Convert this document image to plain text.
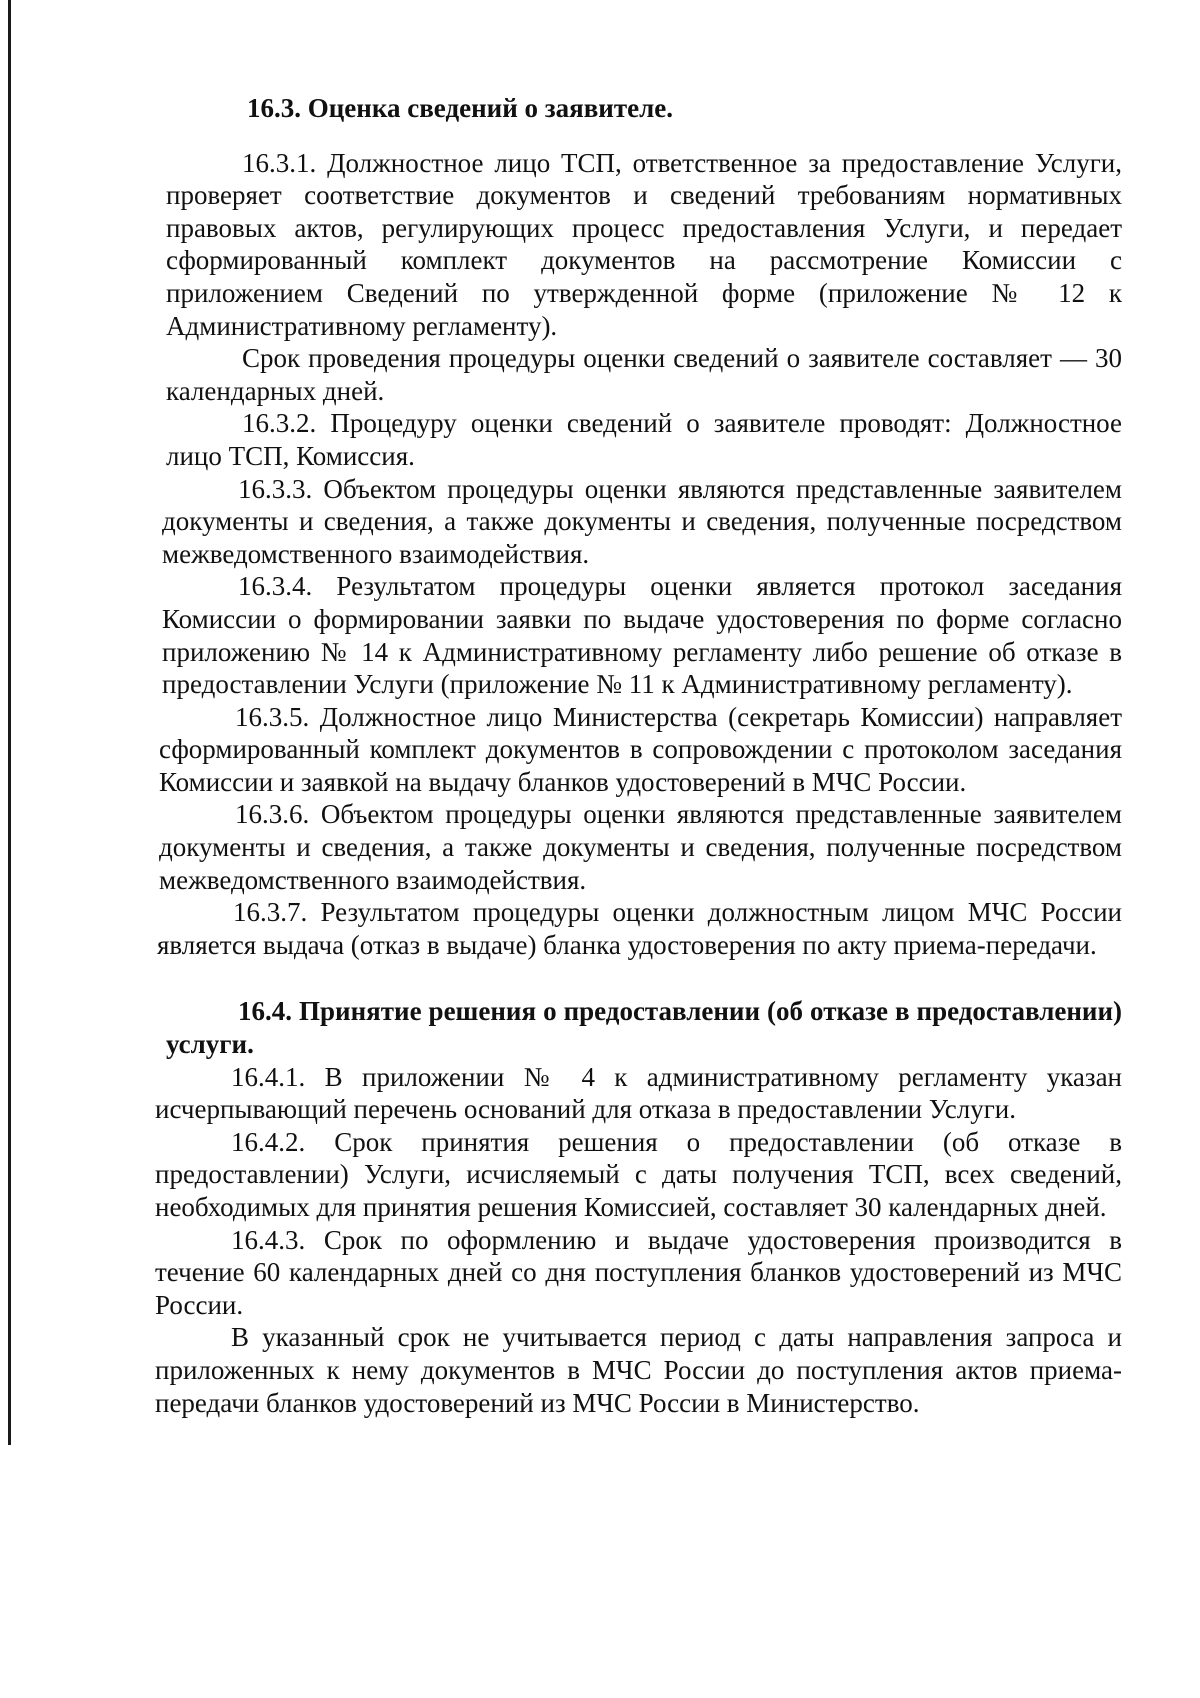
16.3. Оценка сведений о заявителе.

16.3.1. Должностное лицо ТСП, ответственное за предоставление Услуги, проверяет соответствие документов и сведений требованиям нормативных правовых актов, регулирующих процесс предоставления Услуги, и передает сформированный комплект документов на рассмотрение Комиссии с приложением Сведений по утвержденной форме (приложение № 12 к Административному регламенту).

Срок проведения процедуры оценки сведений о заявителе составляет — 30 календарных дней.

16.3.2. Процедуру оценки сведений о заявителе проводят: Должностное лицо ТСП, Комиссия.

16.3.3. Объектом процедуры оценки являются представленные заявителем документы и сведения, а также документы и сведения, полученные посредством межведомственного взаимодействия.

16.3.4. Результатом процедуры оценки является протокол заседания Комиссии о формировании заявки по выдаче удостоверения по форме согласно приложению № 14 к Административному регламенту либо решение об отказе в предоставлении Услуги (приложение № 11 к Административному регламенту).

16.3.5. Должностное лицо Министерства (секретарь Комиссии) направляет сформированный комплект документов в сопровождении с протоколом заседания Комиссии и заявкой на выдачу бланков удостоверений в МЧС России.

16.3.6. Объектом процедуры оценки являются представленные заявителем документы и сведения, а также документы и сведения, полученные посредством межведомственного взаимодействия.

16.3.7. Результатом процедуры оценки должностным лицом МЧС России является выдача (отказ в выдаче) бланка удостоверения по акту приема-передачи.

16.4. Принятие решения о предоставлении (об отказе в предоставлении) услуги.

16.4.1. В приложении № 4 к административному регламенту указан исчерпывающий перечень оснований для отказа в предоставлении Услуги.

16.4.2. Срок принятия решения о предоставлении (об отказе в предоставлении) Услуги, исчисляемый с даты получения ТСП, всех сведений, необходимых для принятия решения Комиссией, составляет 30 календарных дней.

16.4.3. Срок по оформлению и выдаче удостоверения производится в течение 60 календарных дней со дня поступления бланков удостоверений из МЧС России.

В указанный срок не учитывается период с даты направления запроса и приложенных к нему документов в МЧС России до поступления актов приема-передачи бланков удостоверений из МЧС России в Министерство.
